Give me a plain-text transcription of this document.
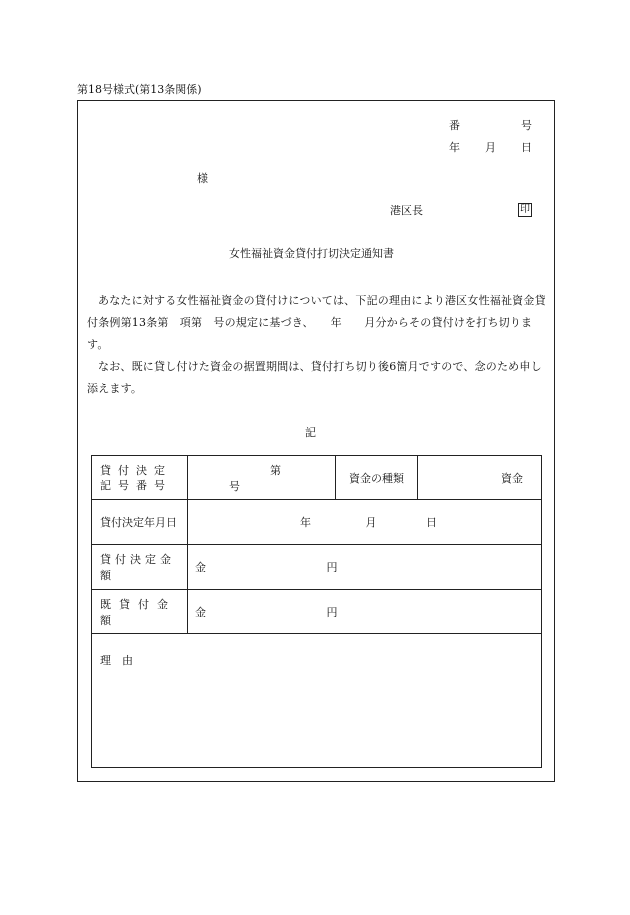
第18号様式(第13条関係)
番	号
年 月 日
様
港区長	印
女性福祉資金貸付打切決定通知書
あなたに対する女性福祉資金の貸付けについては、下記の理由により港区女性福祉資金貸付条例第13条第　項第　号の規定に基づき、　　年　　月分からその貸付けを打ち切ります。
なお、既に貸し付けた資金の据置期間は、貸付打ち切り後6箇月ですので、念のため申し添えます。
記
貸付決定
記号番号	第 号	資金の種類	資金
貸付決定年月日	年 月 日		
貸付決定金額	金 円		
既貸付金額	金 円		
理　由			
